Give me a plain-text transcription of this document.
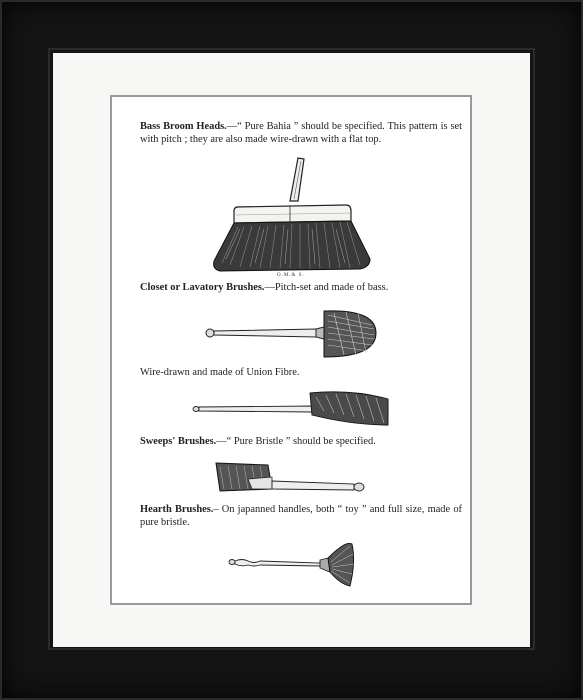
Bass Broom Heads.—“ Pure Bahia ” should be specified. This pattern is set with pitch ; they are also made wire-drawn with a flat top.
O.M.& S.
Closet or Lavatory Brushes.—Pitch-set and made of bass.
Wire-drawn and made of Union Fibre.
Sweeps' Brushes.—“ Pure Bristle ” should be specified.
Hearth Brushes.– On japanned handles, both “ toy ” and full size, made of pure bristle.
